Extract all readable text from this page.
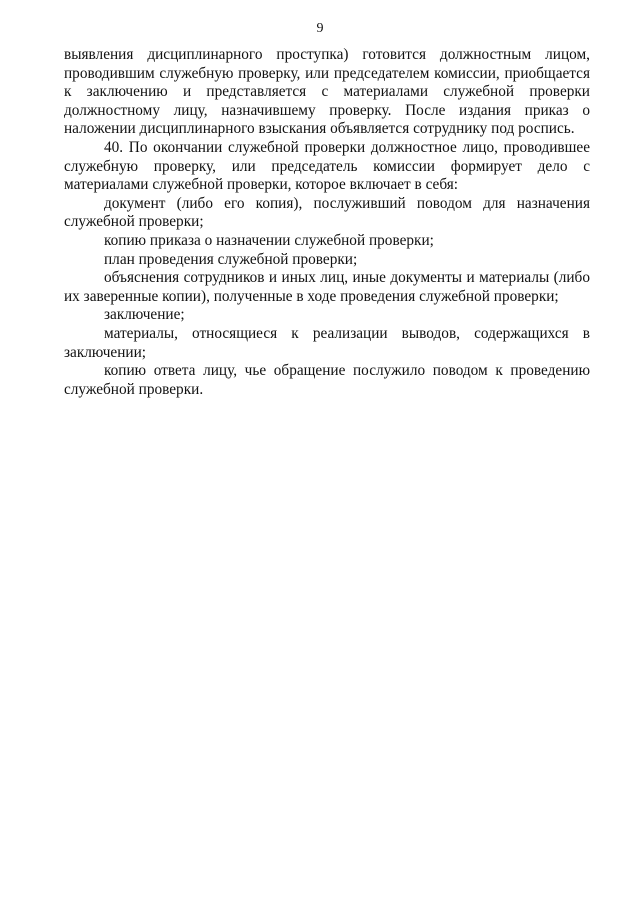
9

выявления дисциплинарного проступка) готовится должностным лицом, проводившим служебную проверку, или председателем комиссии, приобщается к заключению и представляется с материалами служебной проверки должностному лицу, назначившему проверку. После издания приказ о наложении дисциплинарного взыскания объявляется сотруднику под роспись.

40. По окончании служебной проверки должностное лицо, проводившее служебную проверку, или председатель комиссии формирует дело с материалами служебной проверки, которое включает в себя:

документ (либо его копия), послуживший поводом для назначения служебной проверки;

копию приказа о назначении служебной проверки;

план проведения служебной проверки;

объяснения сотрудников и иных лиц, иные документы и материалы (либо их заверенные копии), полученные в ходе проведения служебной проверки;

заключение;

материалы, относящиеся к реализации выводов, содержащихся в заключении;

копию ответа лицу, чье обращение послужило поводом к проведению служебной проверки.
